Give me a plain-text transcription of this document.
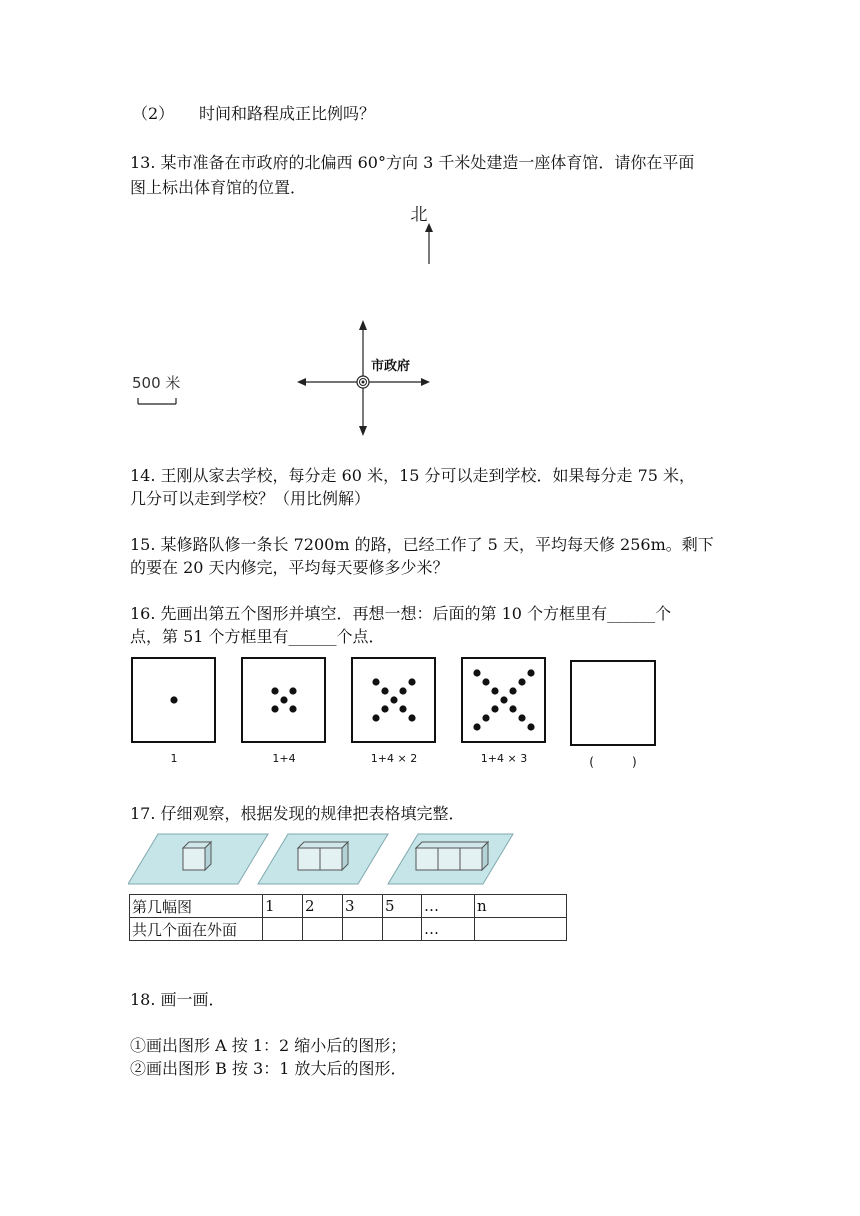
（2） 时间和路程成正比例吗？
13. 某市准备在市政府的北偏西 60°方向 3 千米处建造一座体育馆．请你在平面
图上标出体育馆的位置．
北
市政府
500 米
14. 王刚从家去学校，每分走 60 米，15 分可以走到学校．如果每分走 75 米，
几分可以走到学校？（用比例解）
15. 某修路队修一条长 7200m 的路，已经工作了 5 天，平均每天修 256m。剩下
的要在 20 天内修完，平均每天要修多少米？
16. 先画出第五个图形并填空．再想一想：后面的第 10 个方框里有______个
点，第 51 个方框里有______个点．
1	1+4	1+4 × 2	1+4 × 3	(          )
17. 仔细观察，根据发现的规律把表格填完整．
第几幅图	1	2	3	5	…	n
共几个面在外面					…	
18. 画一画．
①画出图形 A 按 1：2 缩小后的图形；
②画出图形 B 按 3：1 放大后的图形．
